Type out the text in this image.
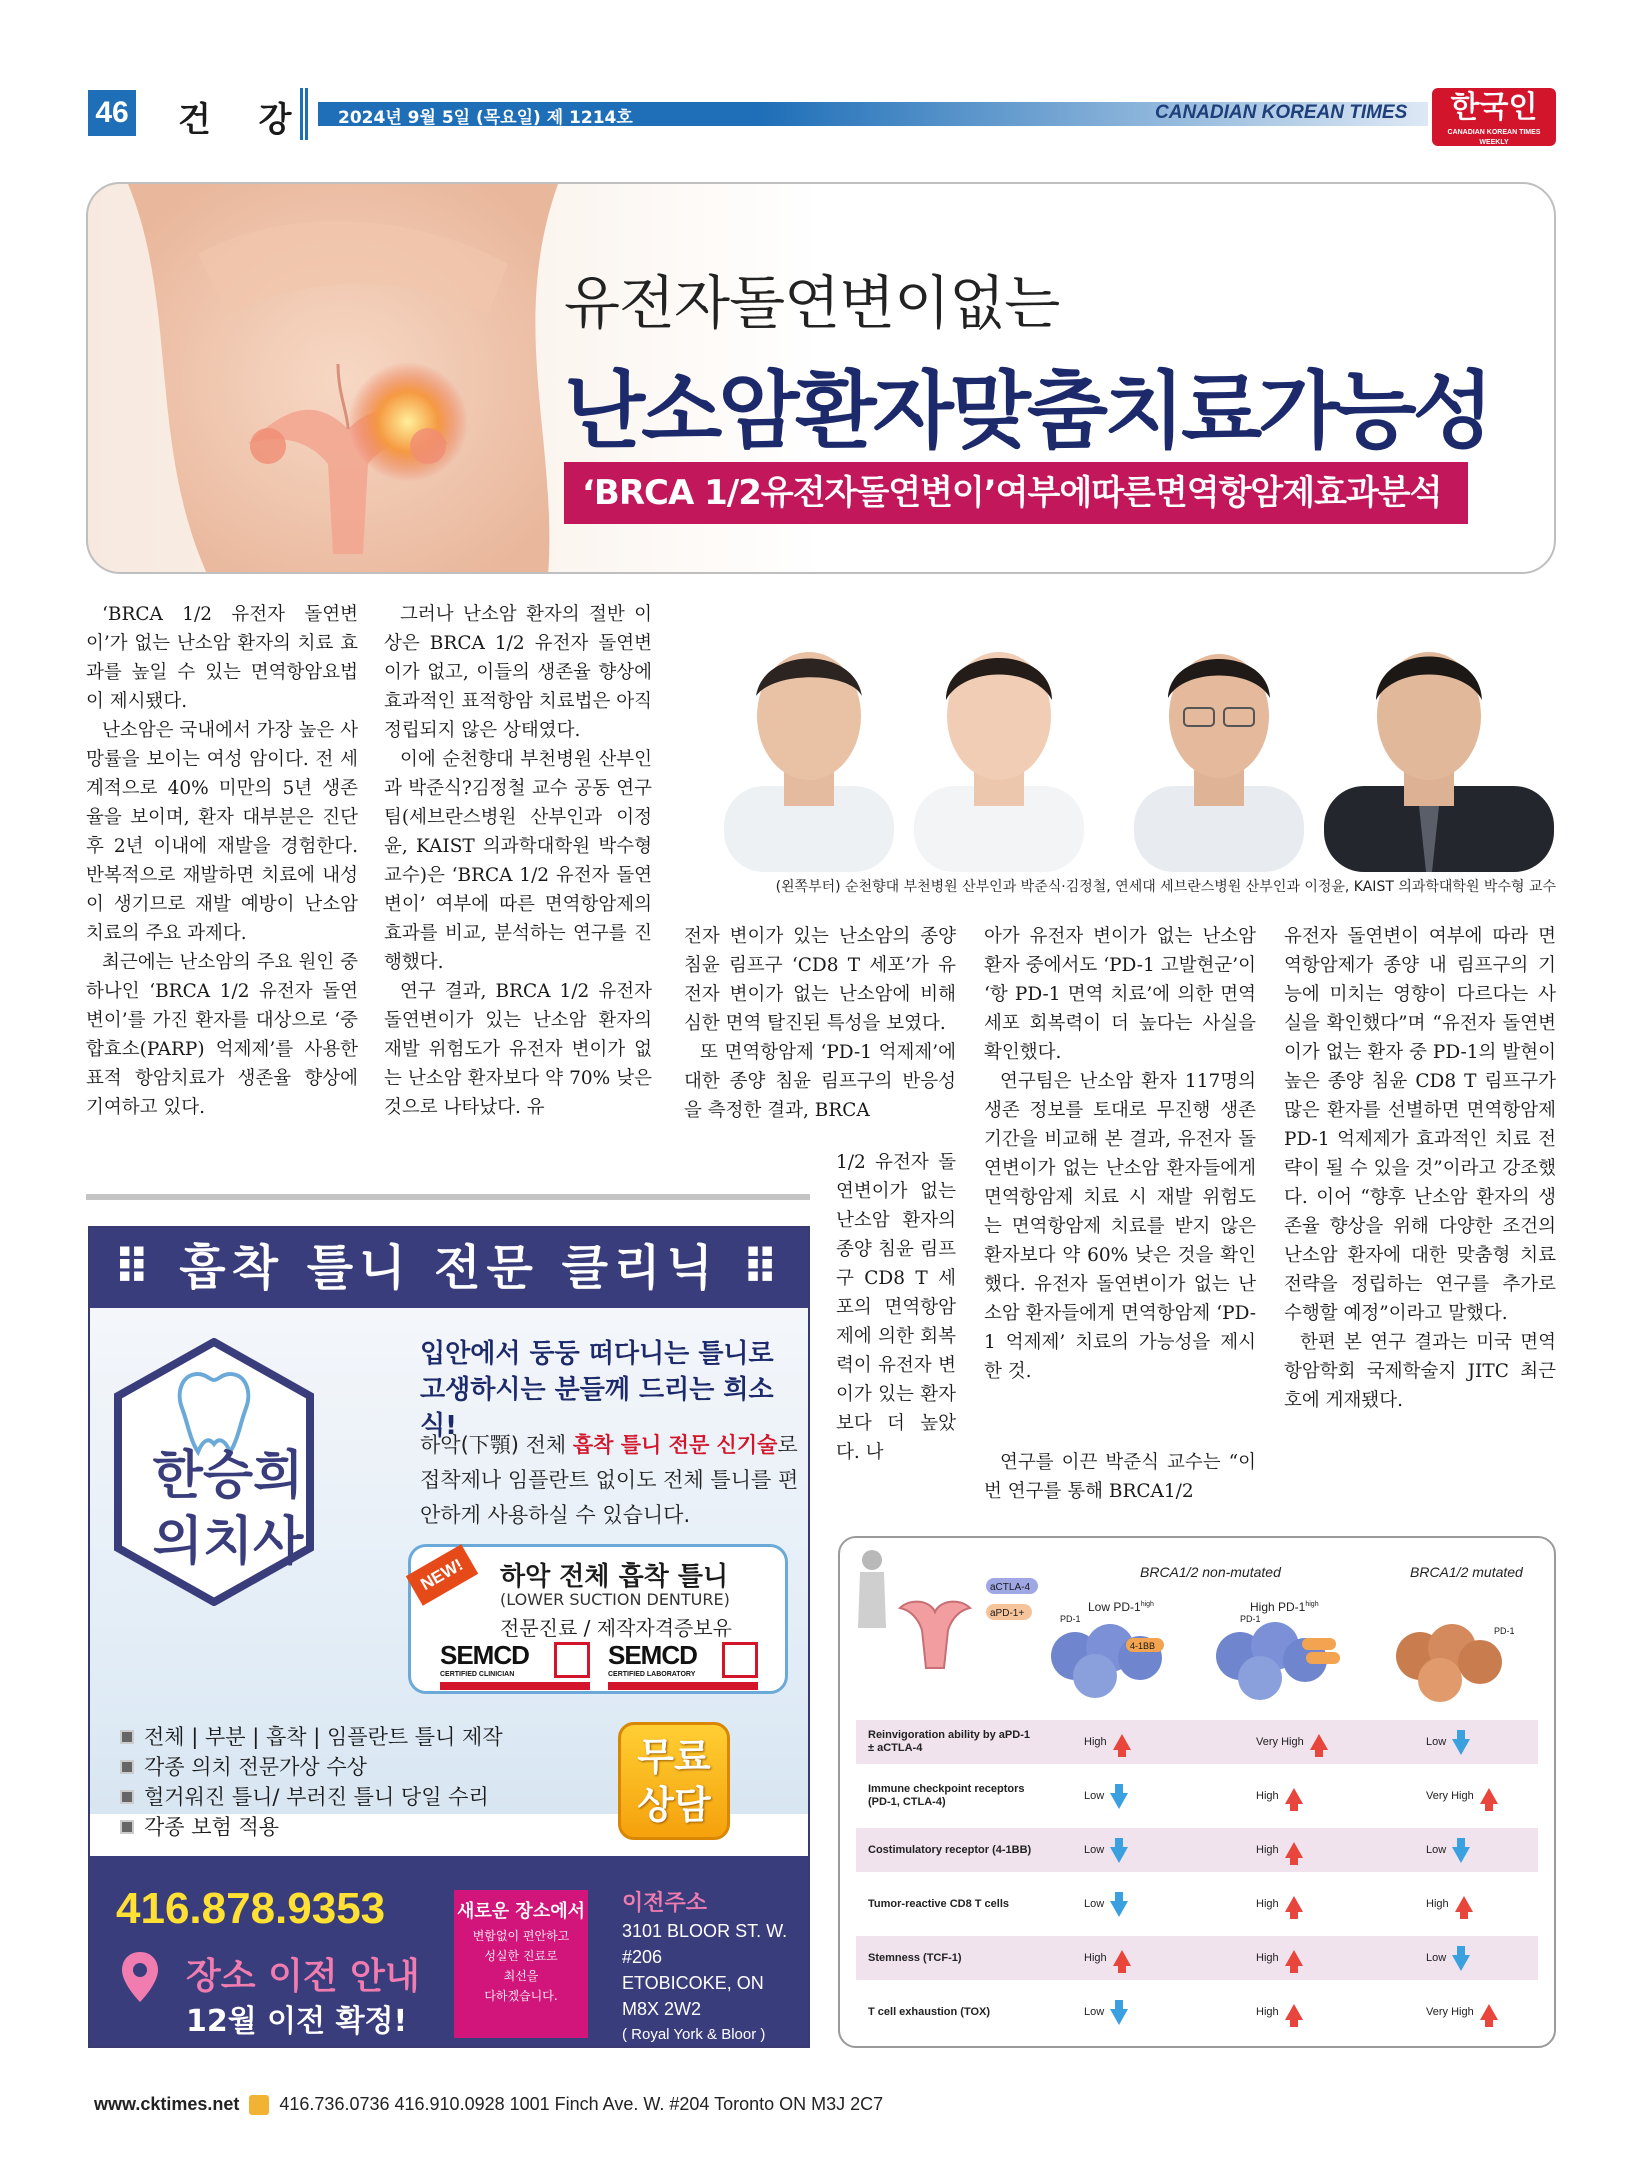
46 건 강 2024년 9월 5일 (목요일) 제 1214호	CANADIAN KOREAN TIMES	한국인
CANADIAN KOREAN TIMES WEEKLY
유전자돌연변이없는
난소암환자맞춤치료가능성
‘BRCA 1/2유전자돌연변이’여부에따른면역항암제효과분석

‘BRCA 1/2 유전자 돌연변이’가 없는 난소암 환자의 치료 효과를 높일 수 있는 면역항암요법이 제시됐다.

난소암은 국내에서 가장 높은 사망률을 보이는 여성 암이다. 전 세계적으로 40% 미만의 5년 생존율을 보이며, 환자 대부분은 진단 후 2년 이내에 재발을 경험한다. 반복적으로 재발하면 치료에 내성이 생기므로 재발 예방이 난소암 치료의 주요 과제다.

최근에는 난소암의 주요 원인 중 하나인 ‘BRCA 1/2 유전자 돌연변이’를 가진 환자를 대상으로 ‘중합효소(PARP) 억제제’를 사용한 표적 항암치료가 생존율 향상에 기여하고 있다.

그러나 난소암 환자의 절반 이상은 BRCA 1/2 유전자 돌연변이가 없고, 이들의 생존율 향상에 효과적인 표적항암 치료법은 아직 정립되지 않은 상태였다.

이에 순천향대 부천병원 산부인과 박준식?김정철 교수 공동 연구팀(세브란스병원 산부인과 이정윤, KAIST 의과학대학원 박수형 교수)은 ‘BRCA 1/2 유전자 돌연변이’ 여부에 따른 면역항암제의 효과를 비교, 분석하는 연구를 진행했다.

연구 결과, BRCA 1/2 유전자 돌연변이가 있는 난소암 환자의 재발 위험도가 유전자 변이가 없는 난소암 환자보다 약 70% 낮은 것으로 나타났다. 유

(왼쪽부터) 순천향대 부천병원 산부인과 박준식·김정철, 연세대 세브란스병원 산부인과 이정윤, KAIST 의과학대학원 박수형 교수

전자 변이가 있는 난소암의 종양 침윤 림프구 ‘CD8 T 세포’가 유전자 변이가 없는 난소암에 비해 심한 면역 탈진된 특성을 보였다.

또 면역항암제 ‘PD-1 억제제’에 대한 종양 침윤 림프구의 반응성을 측정한 결과, BRCA

1/2 유전자 돌연변이가 없는 난소암 환자의 종양 침윤 림프구 CD8 T 세포의 면역항암제에 의한 회복력이 유전자 변이가 있는 환자보다 더 높았다. 나

아가 유전자 변이가 없는 난소암 환자 중에서도 ‘PD-1 고발현군’이 ‘항 PD-1 면역 치료’에 의한 면역세포 회복력이 더 높다는 사실을 확인했다.

연구팀은 난소암 환자 117명의 생존 정보를 토대로 무진행 생존 기간을 비교해 본 결과, 유전자 돌연변이가 없는 난소암 환자들에게 면역항암제 치료 시 재발 위험도는 면역항암제 치료를 받지 않은 환자보다 약 60% 낮은 것을 확인했다. 유전자 돌연변이가 없는 난소암 환자들에게 면역항암제 ‘PD-1 억제제’ 치료의 가능성을 제시한 것.

연구를 이끈 박준식 교수는 “이번 연구를 통해 BRCA1/2

유전자 돌연변이 여부에 따라 면역항암제가 종양 내 림프구의 기능에 미치는 영향이 다르다는 사실을 확인했다”며 “유전자 돌연변이가 없는 환자 중 PD-1의 발현이 높은 종양 침윤 CD8 T 림프구가 많은 환자를 선별하면 면역항암제 PD-1 억제제가 효과적인 치료 전략이 될 수 있을 것”이라고 강조했다. 이어 “향후 난소암 환자의 생존율 향상을 위해 다양한 조건의 난소암 환자에 대한 맞춤형 치료 전략을 정립하는 연구를 추가로 수행할 예정”이라고 말했다.

한편 본 연구 결과는 미국 면역항암학회 국제학술지 JITC 최근 호에 게재됐다.

⠿ 흡착 틀니 전문 클리닉 ⠿
한승희 의치사
입안에서 둥둥 떠다니는 틀니로
고생하시는 분들께 드리는 희소식!
하악(下顎) 전체 흡착 틀니 전문 신기술로 접착제나 임플란트 없이도 전체 틀니를 편안하게 사용하실 수 있습니다.
NEW!	하악 전체 흡착 틀니
(LOWER SUCTION DENTURE)
전문진료 / 제작자격증보유
SEMCD
CERTIFIED CLINICIAN
SEMCD
CERTIFIED LABORATORY
전체 | 부분 | 흡착 | 임플란트 틀니 제작
각종 의치 전문가상 수상
헐거워진 틀니/ 부러진 틀니 당일 수리
각종 보험 적용
무료
상담
416.878.9353
장소 이전 안내
12월 이전 확정!
새로운 장소에서
변함없이 편안하고
성실한 진료로
최선을
다하겠습니다.
이전주소
3101 BLOOR ST. W.
#206
ETOBICOKE, ON
M8X 2W2
( Royal York & Bloor )
aCTLA-4
aPD-1+
4-1BB
PD-1	PD-1
PD-1
BRCA1/2 non-mutated	BRCA1/2 mutated
Low $PD-1^{high}$	High $PD-1^{high}$
Reinvigoration ability by aPD-1 ± aCTLA-4	High	Very High	Low
Immune checkpoint receptors (PD-1, CTLA-4)	Low	High	Very High
Costimulatory receptor (4-1BB)	Low	High	Low
Tumor-reactive CD8 T cells	Low	High	High
Stemness (TCF-1)	High	High	Low
T cell exhaustion (TOX)	Low	High	Very High
www.cktimes.net 416.736.0736 416.910.0928 1001 Finch Ave. W. #204 Toronto ON M3J 2C7
